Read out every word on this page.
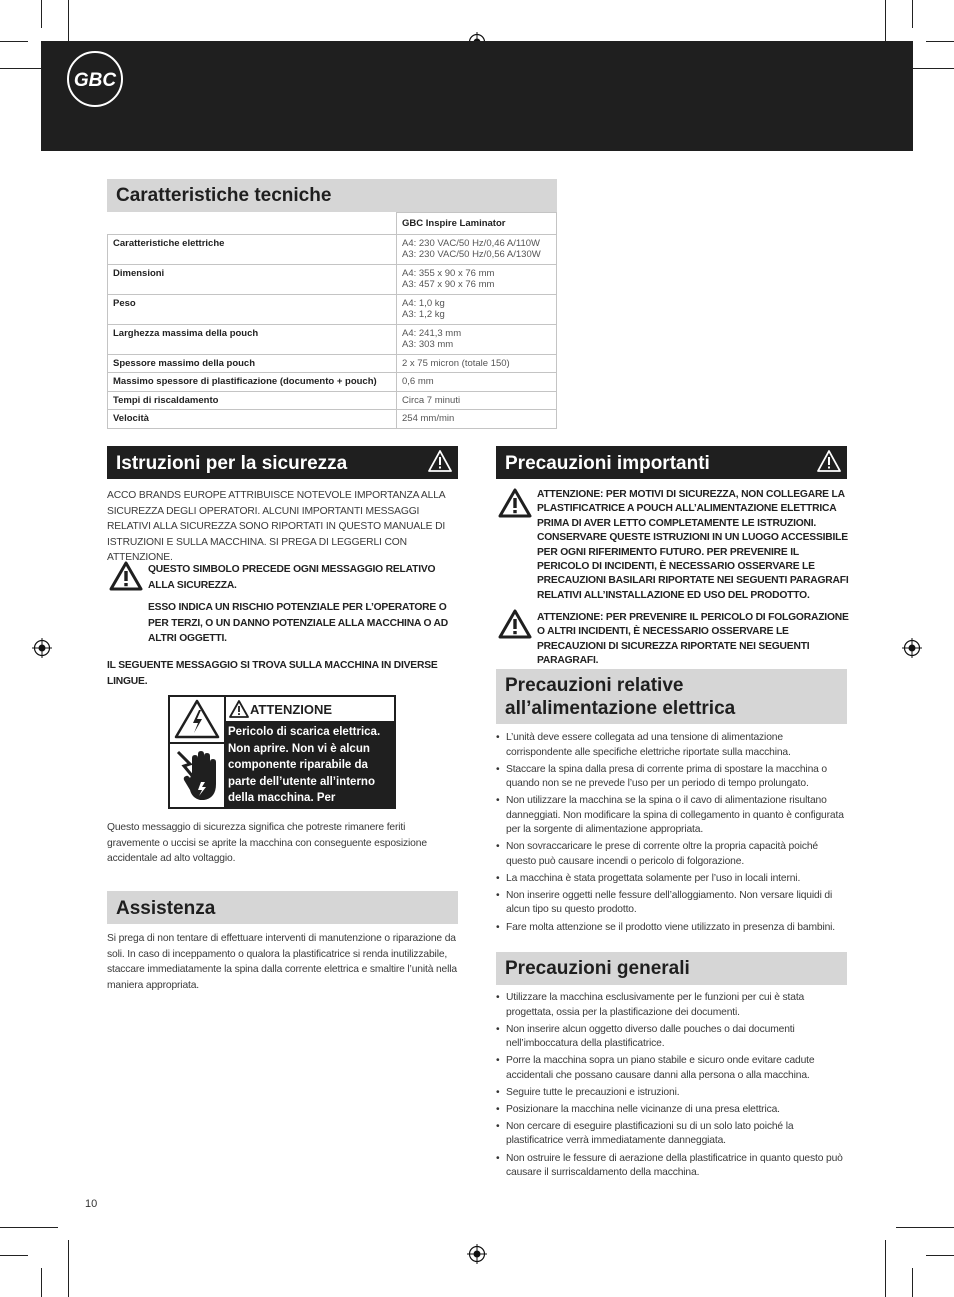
GBC
Caratteristiche tecniche
	GBC Inspire Laminator
Caratteristiche elettriche	A4: 230 VAC/50 Hz/0,46 A/110W
A3: 230 VAC/50 Hz/0,56 A/130W

Dimensioni	A4: 355 x 90 x 76 mm
A3: 457 x 90 x 76 mm

Peso	A4: 1,0 kg
A3: 1,2 kg

Larghezza massima della pouch	A4: 241,3 mm
A3: 303 mm

Spessore massimo della pouch	2 x 75 micron (totale 150)
Massimo spessore di plastificazione (documento + pouch)	0,6 mm
Tempi di riscaldamento	Circa 7 minuti
Velocità	254 mm/min
Istruzioni per la sicurezza
ACCO BRANDS EUROPE ATTRIBUISCE NOTEVOLE IMPORTANZA ALLA SICUREZZA DEGLI OPERATORI. ALCUNI IMPORTANTI MESSAGGI RELATIVI ALLA SICUREZZA SONO RIPORTATI IN QUESTO MANUALE DI ISTRUZIONI E SULLA MACCHINA. SI PREGA DI LEGGERLI CON ATTENZIONE.
QUESTO SIMBOLO PRECEDE OGNI MESSAGGIO RELATIVO ALLA SICUREZZA.
ESSO INDICA UN RISCHIO POTENZIALE PER L’OPERATORE O PER TERZI, O UN DANNO POTENZIALE ALLA MACCHINA O AD ALTRI OGGETTI.
IL SEGUENTE MESSAGGIO SI TROVA SULLA MACCHINA IN DIVERSE LINGUE.
ATTENZIONE
Pericolo di scarica elettrica. Non aprire. Non vi è alcun componente riparabile da parte dell’utente all’interno della macchina. Per
Questo messaggio di sicurezza significa che potreste rimanere feriti gravemente o uccisi se aprite la macchina con conseguente esposizione accidentale ad alto voltaggio.
Assistenza
Si prega di non tentare di effettuare interventi di manutenzione o riparazione da soli. In caso di inceppamento o qualora la plastificatrice si renda inutilizzabile, staccare immediatamente la spina dalla corrente elettrica e smaltire l’unità nella maniera appropriata.
Precauzioni importanti
ATTENZIONE: PER MOTIVI DI SICUREZZA, NON COLLEGARE LA PLASTIFICATRICE A POUCH ALL’ALIMENTAZIONE ELETTRICA PRIMA DI AVER LETTO COMPLETAMENTE LE ISTRUZIONI. CONSERVARE QUESTE ISTRUZIONI IN UN LUOGO ACCESSIBILE PER OGNI RIFERIMENTO FUTURO. PER PREVENIRE IL PERICOLO DI INCIDENTI, È NECESSARIO OSSERVARE LE PRECAUZIONI BASILARI RIPORTATE NEI SEGUENTI PARAGRAFI RELATIVI ALL’INSTALLAZIONE ED USO DEL PRODOTTO.
ATTENZIONE: PER PREVENIRE IL PERICOLO DI FOLGORAZIONE O ALTRI INCIDENTI, È NECESSARIO OSSERVARE LE PRECAUZIONI DI SICUREZZA RIPORTATE NEI SEGUENTI PARAGRAFI.
Precauzioni relative
all’alimentazione elettrica
• L’unità deve essere collegata ad una tensione di alimentazione corrispondente alle specifiche elettriche riportate sulla macchina.
• Staccare la spina dalla presa di corrente prima di spostare la macchina o quando non se ne prevede l’uso per un periodo di tempo prolungato.
• Non utilizzare la macchina se la spina o il cavo di alimentazione risultano danneggiati. Non modificare la spina di collegamento in quanto è configurata per la sorgente di alimentazione appropriata.
• Non sovraccaricare le prese di corrente oltre la propria capacità poiché questo può causare incendi o pericolo di folgorazione.
• La macchina è stata progettata solamente per l’uso in locali interni.
• Non inserire oggetti nelle fessure dell’alloggiamento. Non versare liquidi di alcun tipo su questo prodotto.
• Fare molta attenzione se il prodotto viene utilizzato in presenza di bambini.
Precauzioni generali
• Utilizzare la macchina esclusivamente per le funzioni per cui è stata progettata, ossia per la plastificazione dei documenti.
• Non inserire alcun oggetto diverso dalle pouches o dai documenti nell’imboccatura della plastificatrice.
• Porre la macchina sopra un piano stabile e sicuro onde evitare cadute accidentali che possano causare danni alla persona o alla macchina.
• Seguire tutte le precauzioni e istruzioni.
• Posizionare la macchina nelle vicinanze di una presa elettrica.
• Non cercare di eseguire plastificazioni su di un solo lato poiché la plastificatrice verrà immediatamente danneggiata.
• Non ostruire le fessure di aerazione della plastificatrice in quanto questo può causare il surriscaldamento della macchina.
10
